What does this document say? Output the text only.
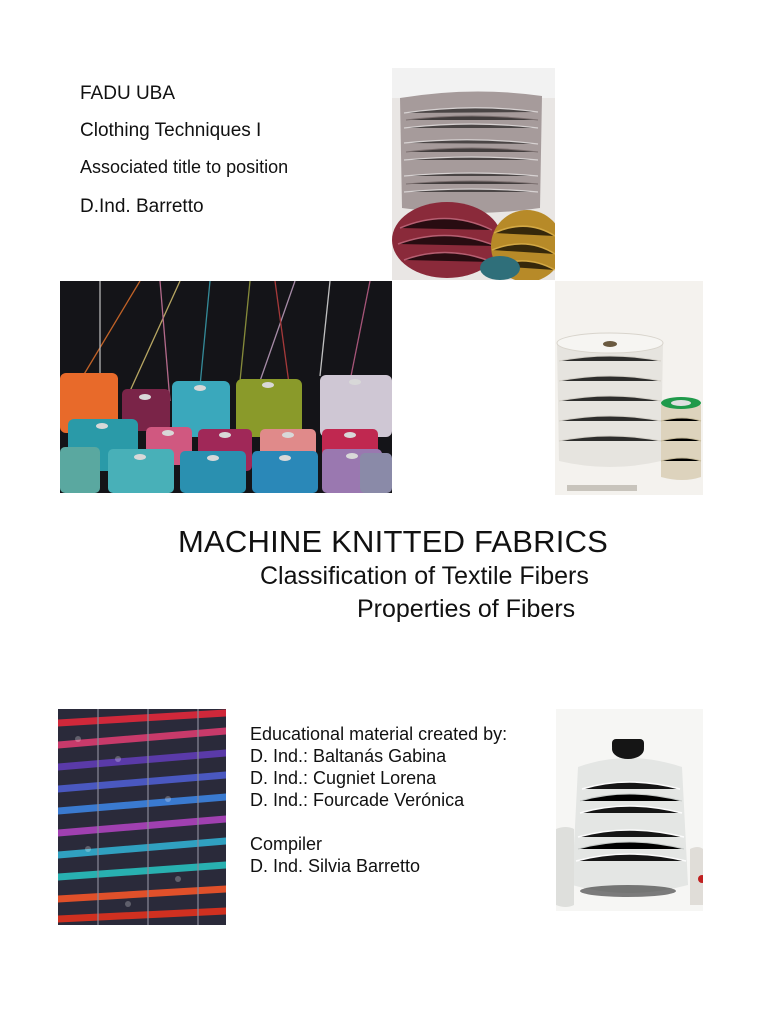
FADU UBA
Clothing Techniques I
Associated title to position
D.Ind. Barretto
MACHINE KNITTED FABRICS
Classification of Textile Fibers
Properties of Fibers
Educational material created by:
D. Ind.: Baltanás Gabina
D. Ind.: Cugniet Lorena
D. Ind.: Fourcade Verónica
Compiler
D. Ind. Silvia Barretto
